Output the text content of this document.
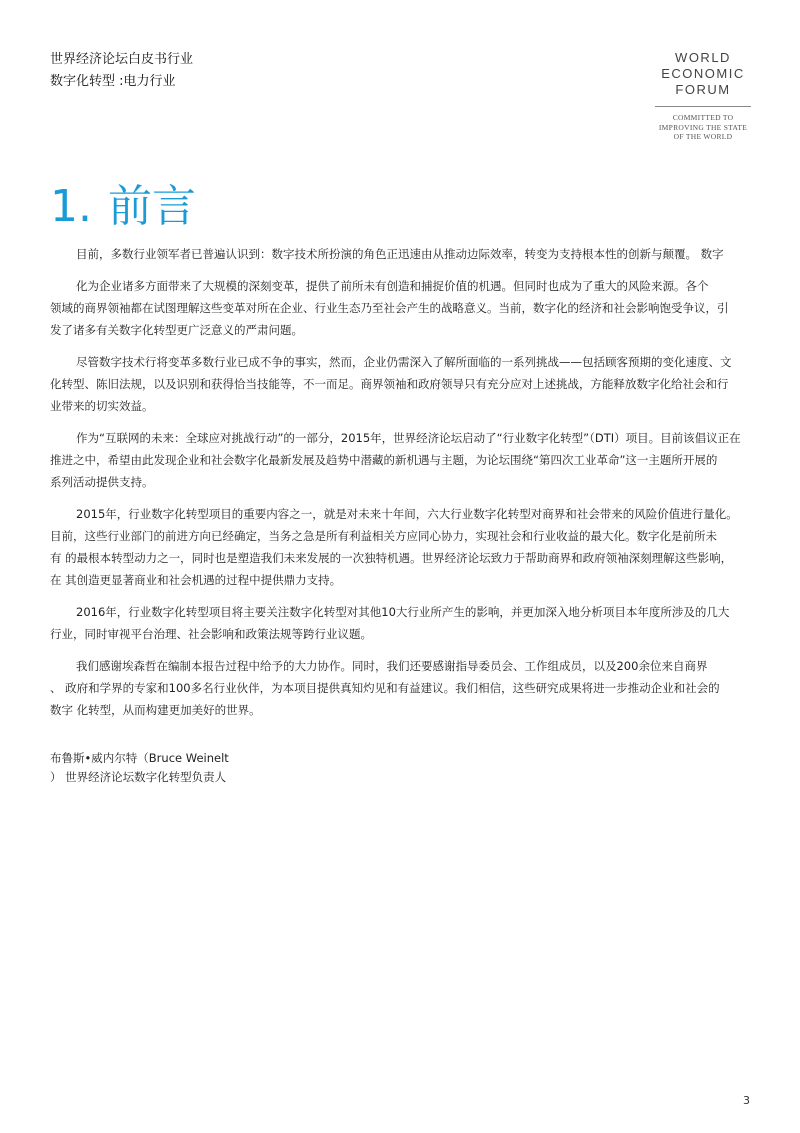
世界经济论坛白皮书行业
数字化转型 :电力行业
WORLD
ECONOMIC
FORUM
COMMITTED TO
IMPROVING THE STATE
OF THE WORLD
1. 前言

目前，多数行业领军者已普遍认识到：数字技术所扮演的角色正迅速由从推动边际效率，转变为支持根本性的创新与颠覆。 数字

化为企业诸多方面带来了大规模的深刻变革，提供了前所未有创造和捕捉价值的机遇。但同时也成为了重大的风险来源。各个
领域的商界领袖都在试图理解这些变革对所在企业、行业生态乃至社会产生的战略意义。当前，数字化的经济和社会影响饱受争议，引
发了诸多有关数字化转型更广泛意义的严肃问题。

尽管数字技术行将变革多数行业已成不争的事实，然而，企业仍需深入了解所面临的一系列挑战——包括顾客预期的变化速度、文
化转型、陈旧法规，以及识别和获得恰当技能等，不一而足。商界领袖和政府领导只有充分应对上述挑战，方能释放数字化给社会和行
业带来的切实效益。

作为“互联网的未来：全球应对挑战行动”的一部分，2015年，世界经济论坛启动了“行业数字化转型”（DTI）项目。目前该倡议正在
推进之中，希望由此发现企业和社会数字化最新发展及趋势中潜藏的新机遇与主题，为论坛围绕“第四次工业革命”这一主题所开展的
系列活动提供支持。

2015年，行业数字化转型项目的重要内容之一，就是对未来十年间，六大行业数字化转型对商界和社会带来的风险价值进行量化。
目前，这些行业部门的前进方向已经确定，当务之急是所有利益相关方应同心协力，实现社会和行业收益的最大化。数字化是前所未
有 的最根本转型动力之一，同时也是塑造我们未来发展的一次独特机遇。世界经济论坛致力于帮助商界和政府领袖深刻理解这些影响，
在 其创造更显著商业和社会机遇的过程中提供鼎力支持。

2016年，行业数字化转型项目将主要关注数字化转型对其他10大行业所产生的影响，并更加深入地分析项目本年度所涉及的几大
行业，同时审视平台治理、社会影响和政策法规等跨行业议题。

我们感谢埃森哲在编制本报告过程中给予的大力协作。同时，我们还要感谢指导委员会、工作组成员，以及200余位来自商界
、 政府和学界的专家和100多名行业伙伴，为本项目提供真知灼见和有益建议。我们相信，这些研究成果将进一步推动企业和社会的
数字 化转型，从而构建更加美好的世界。

布鲁斯•威内尔特（Bruce Weinelt
） 世界经济论坛数字化转型负责人
3
